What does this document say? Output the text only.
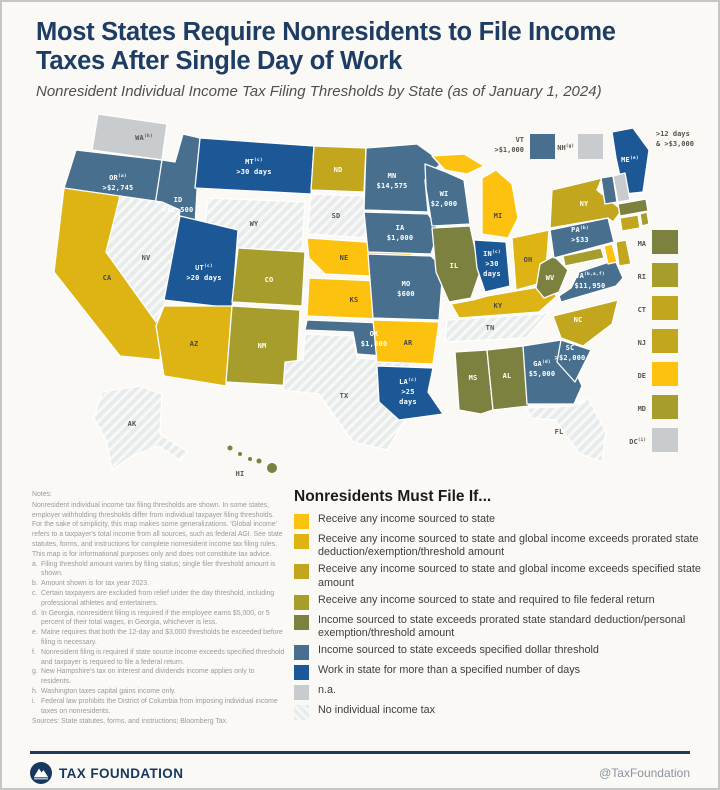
Most States Require Nonresidents to File Income
Taxes After Single Day of Work
Nonresident Individual Income Tax Filing Thresholds by State (as of January 1, 2024)
WA$^{(h)}$
$OR^{(a)}$
>$2,745
CA
ID
>$2,500
NV
$MT^{(c)}$
>30 days
WY
$UT^{(c)}$
>20 days
AZ
CO
NM
ND
SD
NE
KS
OK
$1,000
TX
MN
$14,575
IA
$1,000
MO
$600
AR
$LA^{(c)}$
>25
days
WI
$2,000
IL
MI
$IN^{(c)}$
>30
days
OH
KY
TN
MS	AL
GA$^{(d)}$
$5,000
FL
SC
>$2,000
NC
VA$^{(b,a,f)}$
$11,950
WV
$PA^{(b)}$
>$33
NY
ME$^{(e)}$
AK
HI
VT
>$1,000	$NH^{(g)}$
>12 days
& >$3,000
MA
RI
CT
NJ
DE
MD
DC$^{(i)}$
Notes:
Nonresident individual income tax filing thresholds are shown. In some states, employer withholding thresholds differ from individual taxpayer filing thresholds. For the sake of simplicity, this map makes some generalizations. 'Global income' refers to a taxpayer's total income from all sources, such as federal AGI. See state statutes, forms, and instructions for complete nonresident income tax filing rules. This map is for informational purposes only and does not constitute tax advice.
a. Filing threshold amount varies by filing status; single filer threshold amount is shown.
b. Amount shown is for tax year 2023.
c. Certain taxpayers are excluded from relief under the day threshold, including professional athletes and entertainers.
d. In Georgia, nonresident filing is required if the employee earns $5,000, or 5 percent of their total wages, in Georgia, whichever is less.
e. Maine requires that both the 12-day and $3,000 thresholds be exceeded before filing is necessary.
f. Nonresident filing is required if state source income exceeds specified threshold and taxpayer is required to file a federal return.
g. New Hampshire's tax on interest and dividends income applies only to residents.
h. Washington taxes capital gains income only.
i. Federal law prohibits the District of Columbia from imposing individual income taxes on nonresidents.
Sources: State statutes, forms, and instructions; Bloomberg Tax.
Nonresidents Must File If...
Receive any income sourced to state
Receive any income sourced to state and global income exceeds prorated state deduction/exemption/threshold amount
Receive any income sourced to state and global income exceeds specified state amount
Receive any income sourced to state and required to file federal return
Income sourced to state exceeds prorated state standard deduction/personal exemption/threshold amount
Income sourced to state exceeds specified dollar threshold
Work in state for more than a specified number of days
n.a.
No individual income tax
TAX FOUNDATION	@TaxFoundation
